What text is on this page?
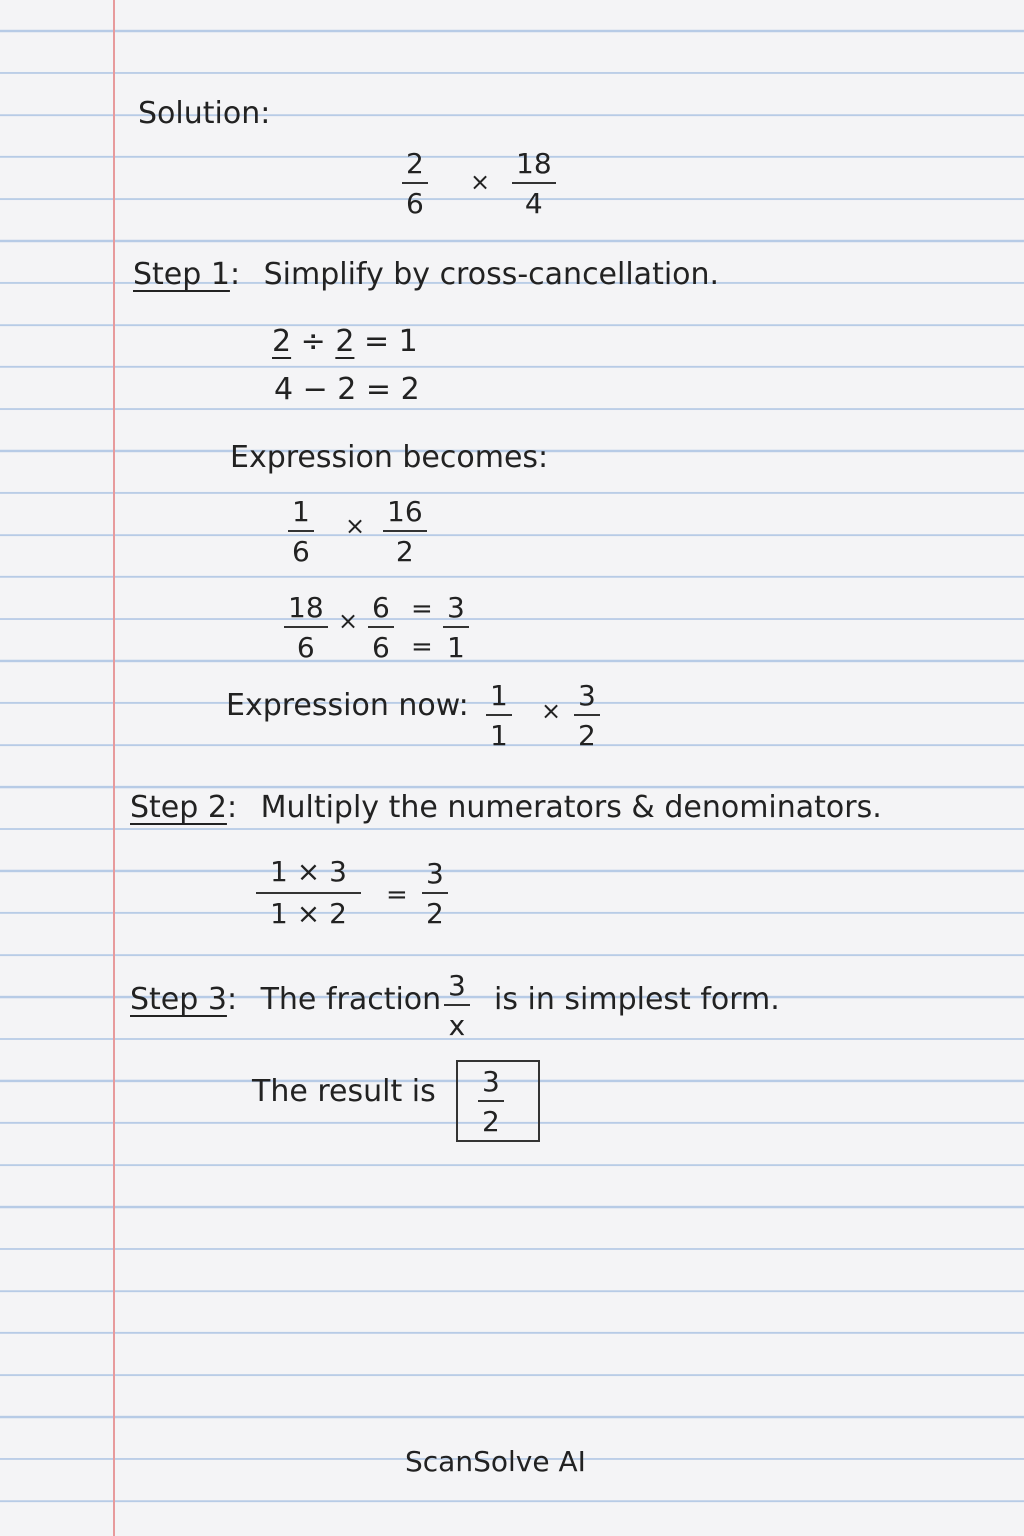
Solution:
$\frac{2}{6} \times \frac{18}{4}$
Step 1: Simplify by cross-cancellation.
2 ÷ 2 = 1
4 − 2 = 2
Expression becomes:
$\frac{1}{6} \times \frac{16}{2}$
$\frac{18}{6} \times \frac{6}{6}$ =
= $\frac{3}{1}$
Expression now: $\frac{1}{1} \times \frac{3}{2}$
Step 2: Multiply the numerators & denominators.
$\frac{1 \times 3}{1 \times 2} = \frac{3}{2}$
Step 3: The fraction $\frac{3}{x}$ is in simplest form.
The result is $\frac{3}{2}$
ScanSolve AI
